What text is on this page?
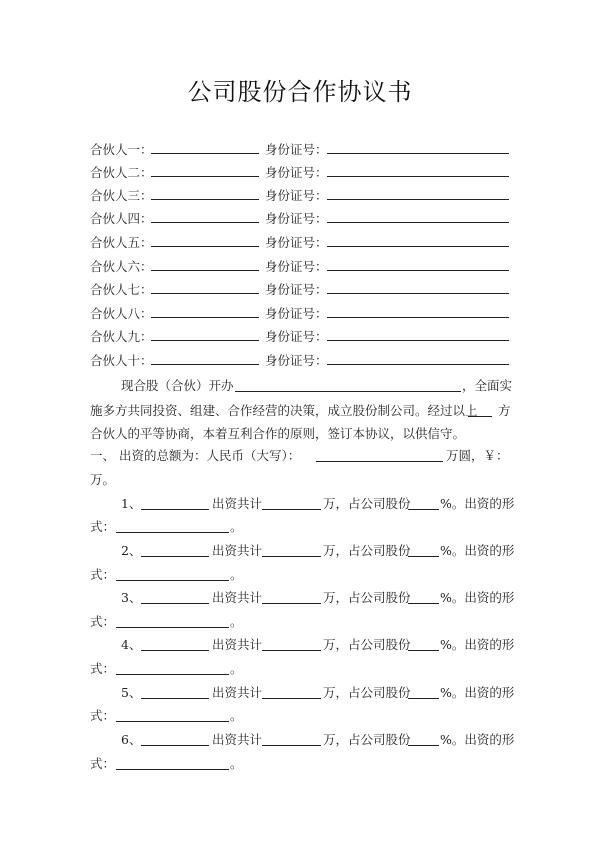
公司股份合作协议书
合伙人一：	身份证号：
合伙人二：	身份证号：
合伙人三：	身份证号：
合伙人四：	身份证号：
合伙人五：	身份证号：
合伙人六：	身份证号：
合伙人七：	身份证号：
合伙人八：	身份证号：
合伙人九：	身份证号：
合伙人十：	身份证号：
现合股（合伙）开办	，全面实
施多方共同投资、组建、合作经营的决策，成立股份制公司。经过以上 方
合伙人的平等协商，本着互利合作的原则，签订本协议，以供信守。
一、 出资的总额为：人民币（大写）：	万圆，￥：
万。
1、	出资共计	万，占公司股份 %。出资的形
式：	。
2、	出资共计	万，占公司股份 %。出资的形
式：	。
3、	出资共计	万，占公司股份 %。出资的形
式：	。
4、	出资共计	万，占公司股份 %。出资的形
式：	。
5、	出资共计	万，占公司股份 %。出资的形
式：	。
6、	出资共计	万，占公司股份 %。出资的形
式：	。
